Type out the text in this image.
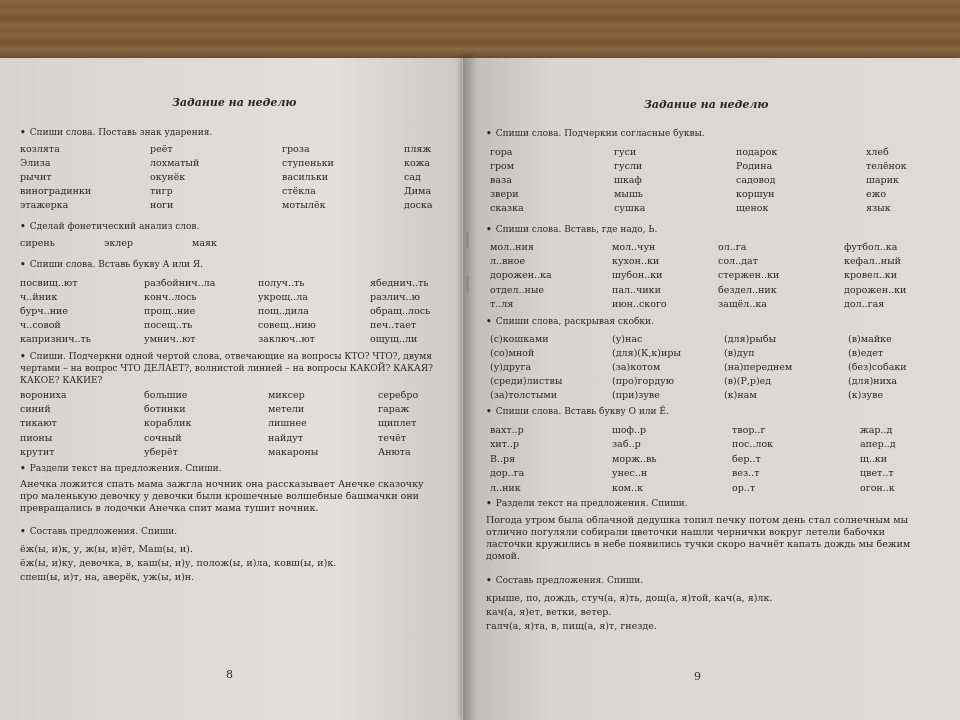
Задание на неделю
• Спиши слова. Поставь знак ударения.
козлята
Элиза
рычит
виноградинки
этажерка
реёт
лохматый
окунёк
тигр
ноги
гроза
ступеньки
васильки
стёкла
мотылёк
пляж
кожа
сад
Дима
доска
• Сделай фонетический анализ слов.
сирень	эклер	маяк
• Спиши слова. Вставь букву А или Я.
посвищ..ют
ч..йник
бурч..ние
ч..совой
капризнич..ть
разбойнич..ла
конч..лось
прощ..ние
посещ..ть
умнич..ют
получ..ть
укрощ..ла
пощ..дила
совещ..нию
заключ..ют
ябеднич..ть
различ..ю
обращ..лось
печ..тает
ощущ..ли
• Спиши. Подчеркни одной чертой слова, отвечающие на вопросы КТО? ЧТО?, двумя чертами – на вопрос ЧТО ДЕЛАЕТ?, волнистой линией – на вопросы КАКОЙ? КАКАЯ? КАКОЕ? КАКИЕ?
ворониха
синий
тикают
пионы
крутит
большие
ботинки
кораблик
сочный
уберёт
миксер
метели
лишнее
найдут
макароны
серебро
гараж
щиплет
течёт
Анюта
• Раздели текст на предложения. Спиши.
Анечка ложится спать мама зажгла ночник она рассказывает Анечке сказочку про маленькую девочку у девочки были крошечные волшебные башмачки они превращались в лодочки Анечка спит мама тушит ночник.
• Составь предложения. Спиши.
ёж(ы, и)к, у, ж(ы, и)ёт, Маш(ы, и).
ёж(ы, и)ку, девочка, в, каш(ы, и)у, полож(ы, и)ла, ковш(ы, и)к.
спеш(ы, и)т, на, аверёк, уж(ы, и)н.
8
Задание на неделю
• Спиши слова. Подчеркни согласные буквы.
гора
гром
ваза
звери
сказка
гуси
гусли
шкаф
мышь
сушка
подарок
Родина
садовод
коршун
щенок
хлеб
телёнок
шарик
ежо
язык
• Спиши слова. Вставь, где надо, Ь.
мол..ния
л..вное
дорожен..ка
отдел..ные
т..ля
мол..чун
кухон..ки
шубон..ки
пал..чики
июн..ского
ол..га
сол..дат
стержен..ки
бездел..ник
защёл..ка
футбол..ка
кефал..ный
кровел..ки
дорожен..ки
дол..гая
• Спиши слова, раскрывая скобки.
(с)кошками
(со)мной
(у)друга
(среди)листвы
(за)толстыми
(у)нас
(для)(К,к)иры
(за)котом
(про)гордую
(при)зуве
(для)рыбы
(в)дуп
(на)переднем
(в)(Р,р)ед
(к)нам
(в)майке
(в)едет
(без)собаки
(для)ниха
(к)зуве
• Спиши слова. Вставь букву О или Ё.
вахт..р
хит..р
В..ря
дор..га
л..ник
шоф..р
заб..р
морж..вь
унес..н
ком..к
твор..г
пос..лок
бер..т
вез..т
ор..т
жар..д
апер..д
щ..ки
цвет..т
огон..к
• Раздели текст на предложения. Спиши.
Погода утром была облачной дедушка топил печку потом день стал солнечным мы отлично погуляли собирали цветочки нашли чернички вокруг летели бабочки ласточки кружились в небе появились тучки скоро начнёт капать дождь мы бежим домой.
• Составь предложения. Спиши.
крыше, по, дождь, стуч(а, я)ть, дощ(а, я)той, кач(а, я)лк.
кач(а, я)ет, ветки, ветер.
галч(а, я)та, в, пищ(а, я)т, гнезде.
9
